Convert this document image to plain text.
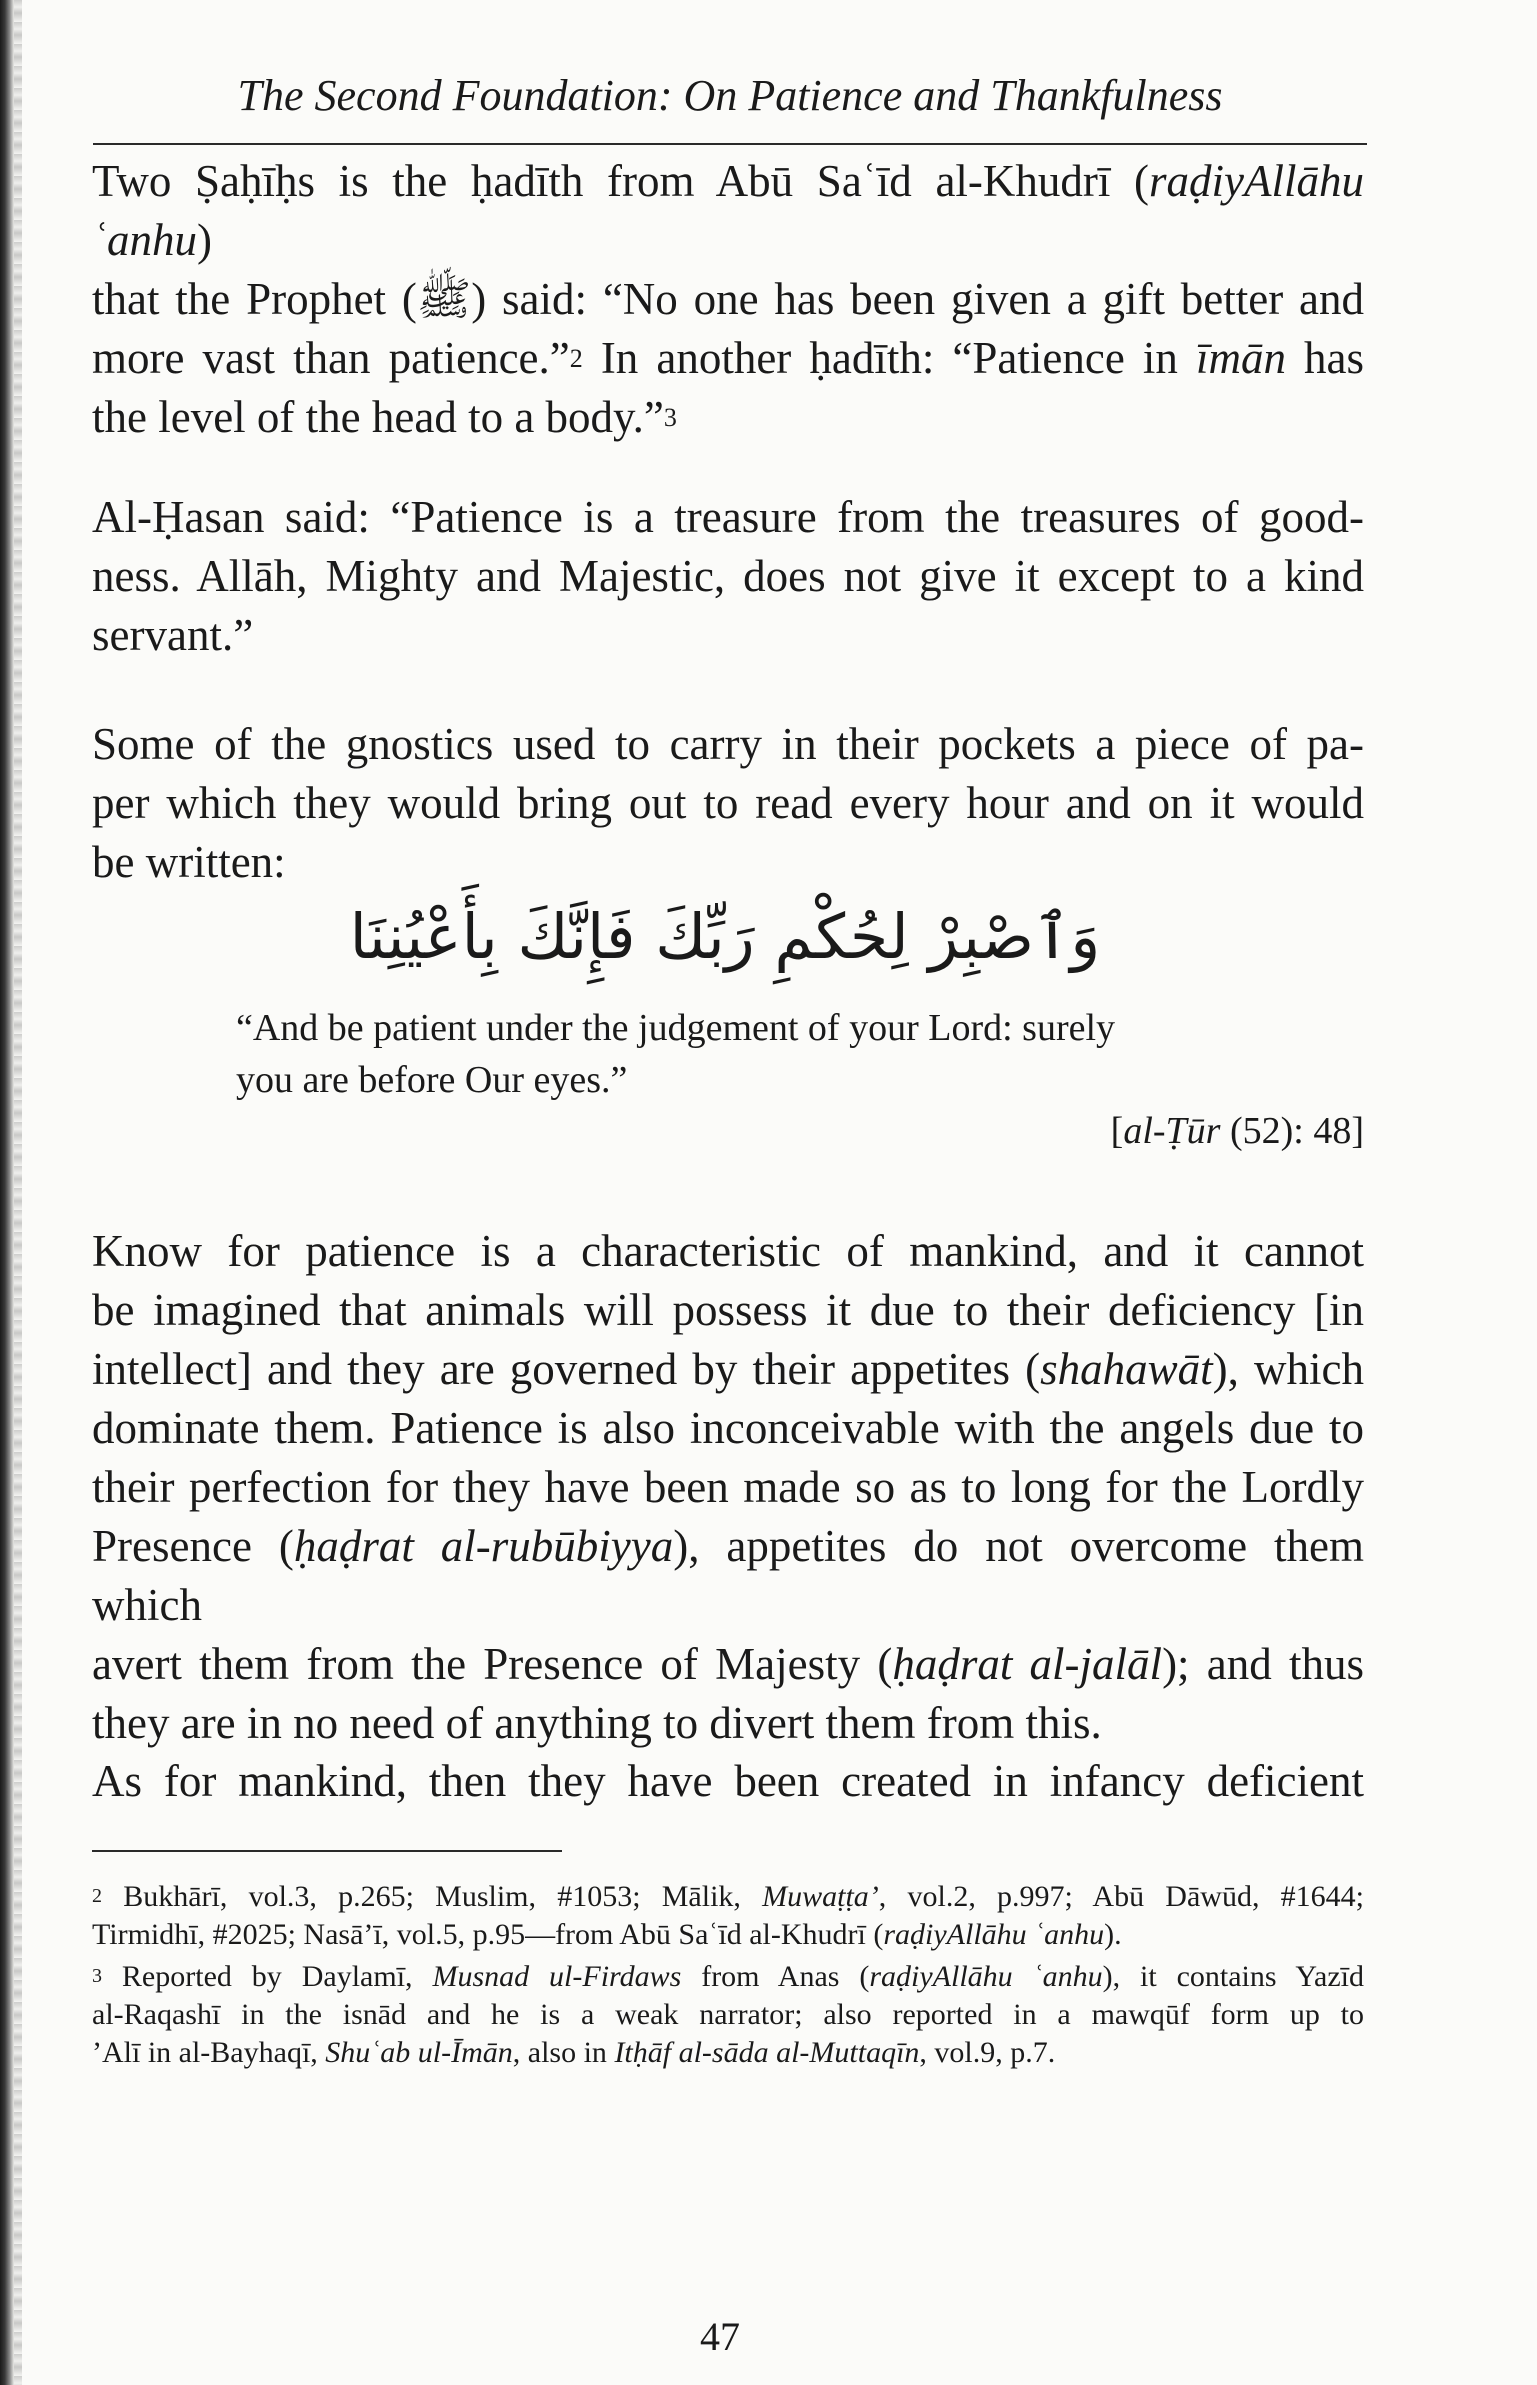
The Second Foundation: On Patience and Thankfulness

Two Ṣaḥīḥs is the ḥadīth from Abū Saʿīd al-Khudrī (raḍiyAllāhu ʿanhu)
that the Prophet (ﷺ) said: “No one has been given a gift better and
more vast than patience.”$^2$ In another ḥadīth: “Patience in īmān has
the level of the head to a body.”$^3$

Al-Ḥasan said: “Patience is a treasure from the treasures of good-
ness. Allāh, Mighty and Majestic, does not give it except to a kind
servant.”

Some of the gnostics used to carry in their pockets a piece of pa-
per which they would bring out to read every hour and on it would
be written:

وَٱصْبِرْ لِحُكْمِ رَبِّكَ فَإِنَّكَ بِأَعْيُنِنَا
“And be patient under the judgement of your Lord: surely
you are before Our eyes.”
[al-Ṭūr (52): 48]

Know for patience is a characteristic of mankind, and it cannot
be imagined that animals will possess it due to their deficiency [in
intellect] and they are governed by their appetites (shahawāt), which
dominate them. Patience is also inconceivable with the angels due to
their perfection for they have been made so as to long for the Lordly
Presence (ḥaḍrat al-rubūbiyya), appetites do not overcome them which
avert them from the Presence of Majesty (ḥaḍrat al-jalāl); and thus
they are in no need of anything to divert them from this.

As for mankind, then they have been created in infancy deficient

$^2$ Bukhārī, vol.3, p.265; Muslim, #1053; Mālik, Muwaṭṭa’, vol.2, p.997; Abū Dāwūd, #1644;
Tirmidhī, #2025; Nasā’ī, vol.5, p.95—from Abū Saʿīd al-Khudrī (raḍiyAllāhu ʿanhu).

$^3$ Reported by Daylamī, Musnad ul-Firdaws from Anas (raḍiyAllāhu ʿanhu), it contains Yazīd
al-Raqashī in the isnād and he is a weak narrator; also reported in a mawqūf form up to
’Alī in al-Bayhaqī, Shuʿab ul-Īmān, also in Itḥāf al-sāda al-Muttaqīn, vol.9, p.7.

47
